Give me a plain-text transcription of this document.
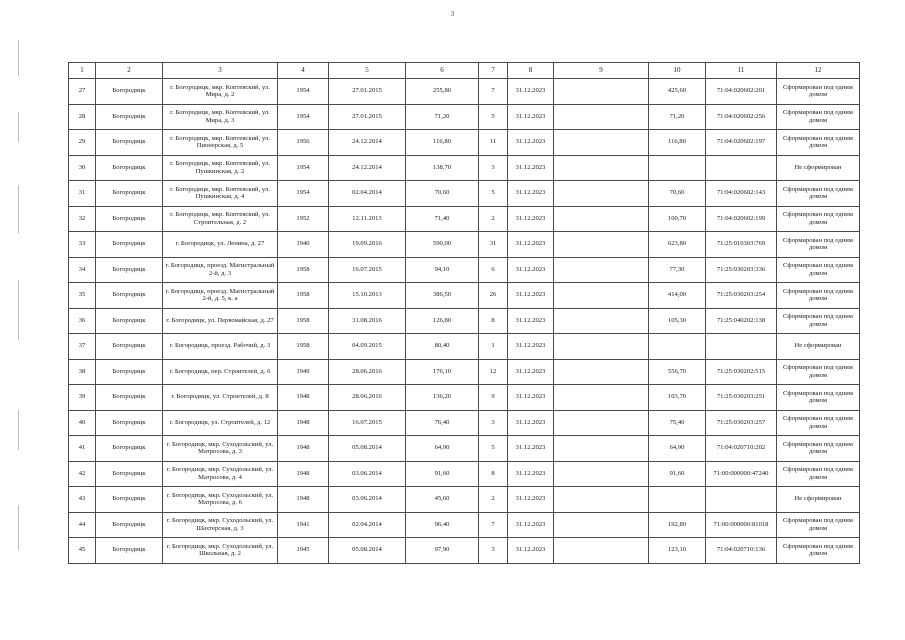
3
1	2	3	4	5	6	7	8	9	10	11	12
27	Богородицк	г. Богородицк, мкр. Коптевский, ул. Мира, д. 2	1954	27.01.2015	255,80	7	31.12.2023		425,60	71:04:020602:201	Сформирован под одним домом
28	Богородицк	г. Богородицк, мкр. Коптевский, ул. Мира, д. 3	1954	27.01.2015	71,20	5	31.12.2023		71,20	71:04:020602:256	Сформирован под одним домом
29	Богородицк	г. Богородицк, мкр. Коптевский, ул. Пионерская, д. 5	1956	24.12.2014	116,80	11	31.12.2023		116,80	71:04:020602:197	Сформирован под одним домом
30	Богородицк	г. Богородицк, мкр. Коптевский, ул. Пушкинская, д. 2	1954	24.12.2014	138,70	3	31.12.2023				Не сформирован
31	Богородицк	г. Богородицк, мкр. Коптевский, ул. Пушкинская, д. 4	1954	02.04.2014	70,60	5	31.12.2023		70,60	71:04:020602:143	Сформирован под одним домом
32	Богородицк	г. Богородицк, мкр. Коптевский, ул. Строительная, д. 2	1952	12.11.2013	71,40	2	31.12.2023		100,70	71:04:020602:199	Сформирован под одним домом
33	Богородицк	г. Богородицк, ул. Ленина, д. 27	1940	19.09.2016	590,00	31	31.12.2023		623,80	71:25:010303:769	Сформирован под одним домом
34	Богородицк	г. Богородицк, проезд. Магистральный 2-й, д. 3	1958	16.07.2015	94,10	6	31.12.2023		77,30	71:25:030203:336	Сформирован под одним домом
35	Богородицк	г. Богородицк, проезд. Магистральный 2-й, д. 5, к. а	1958	15.10.2013	386,50	26	31.12.2023		414,00	71:25:030203:254	Сформирован под одним домом
36	Богородицк	г. Богородицк, ул. Первомайская, д. 27	1958	31.08.2016	126,80	8	31.12.2023		105,30	71:25:040202:138	Сформирован под одним домом
37	Богородицк	г. Богородицк, проезд. Рабочий, д. 3	1958	04.09.2015	80,40	1	31.12.2023				Не сформирован
38	Богородицк	г. Богородицк, пер. Строителей, д. 6	1949	28.06.2016	176,10	12	31.12.2023		556,70	71:25:030202:515	Сформирован под одним домом
39	Богородицк	г. Богородицк, ул. Строителей, д. 8	1948	28.06.2016	136,20	9	31.12.2023		103,70	71:25:030203:251	Сформирован под одним домом
40	Богородицк	г. Богородицк, ул. Строителей, д. 12	1948	16.07.2015	76,40	3	31.12.2023		75,40	71:25:030203:257	Сформирован под одним домом
41	Богородицк	г. Богородицк, мкр. Суходольский, ул. Матросова, д. 3	1948	05.08.2014	64,90	5	31.12.2023		64,90	71:04:020710:202	Сформирован под одним домом
42	Богородицк	г. Богородицк, мкр. Суходольский, ул. Матросова, д. 4	1948	03.06.2014	91,60	8	31.12.2023		91,60	71:00:000000:47240	Сформирован под одним домом
43	Богородицк	г. Богородицк, мкр. Суходольский, ул. Матросова, д. 6	1948	03.06.2014	45,60	2	31.12.2023				Не сформирован
44	Богородицк	г. Богородицк, мкр. Суходольский, ул. Шахтерская, д. 3	1941	02.04.2014	96,40	7	31.12.2023		192,80	71:00:000000:81018	Сформирован под одним домом
45	Богородицк	г. Богородицк, мкр. Суходольский, ул. Школьная, д. 2	1945	05.08.2014	97,90	3	31.12.2023		123,10	71:04:020710:136	Сформирован под одним домом
